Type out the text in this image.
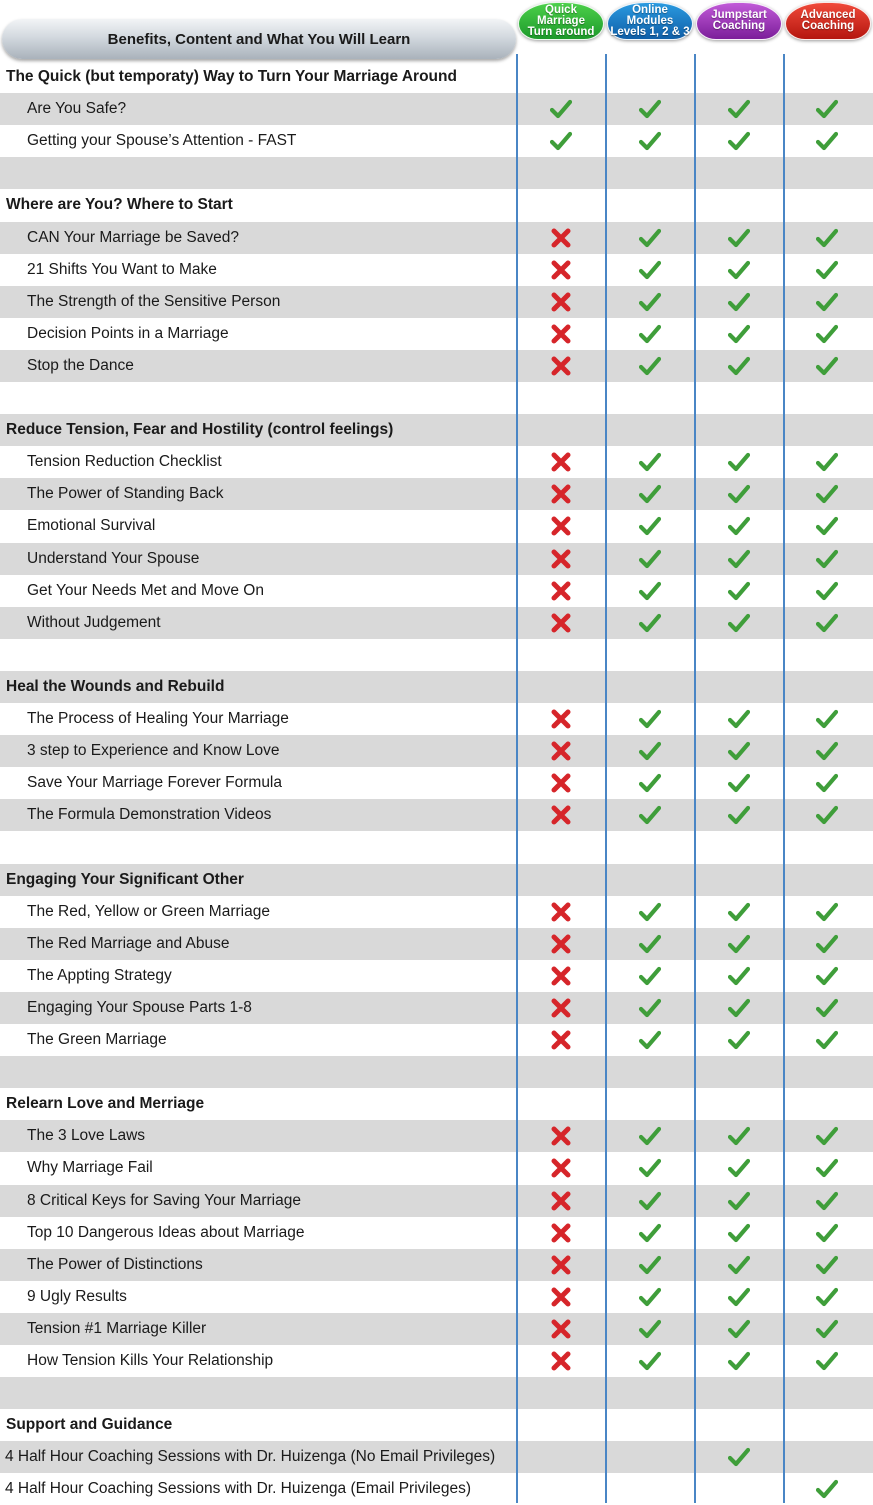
Benefits, Content and What You Will Learn
Quick
Marriage
Turn around
Online
Modules
Levels 1, 2 & 3
Jumpstart
Coaching
Advanced
Coaching
The Quick (but temporaty) Way to Turn Your Marriage Around
Are You Safe?
Getting your Spouse’s Attention - FAST
Where are You? Where to Start
CAN Your Marriage be Saved?
21 Shifts You Want to Make
The Strength of the Sensitive Person
Decision Points in a Marriage
Stop the Dance
Reduce Tension, Fear and Hostility (control feelings)
Tension Reduction Checklist
The Power of Standing Back
Emotional Survival
Understand Your Spouse
Get Your Needs Met and Move On
Without Judgement
Heal the Wounds and Rebuild
The Process of Healing Your Marriage
3 step to Experience and Know Love
Save Your Marriage Forever Formula
The Formula Demonstration Videos
Engaging Your Significant Other
The Red, Yellow or Green Marriage
The Red Marriage and Abuse
The Appting Strategy
Engaging Your Spouse Parts 1-8
The Green Marriage
Relearn Love and Merriage
The 3 Love Laws
Why Marriage Fail
8 Critical Keys for Saving Your Marriage
Top 10 Dangerous Ideas about Marriage
The Power of Distinctions
9 Ugly Results
Tension #1 Marriage Killer
How Tension Kills Your Relationship
Support and Guidance
4 Half Hour Coaching Sessions with Dr. Huizenga (No Email Privileges)
4 Half Hour Coaching Sessions with Dr. Huizenga (Email Privileges)
